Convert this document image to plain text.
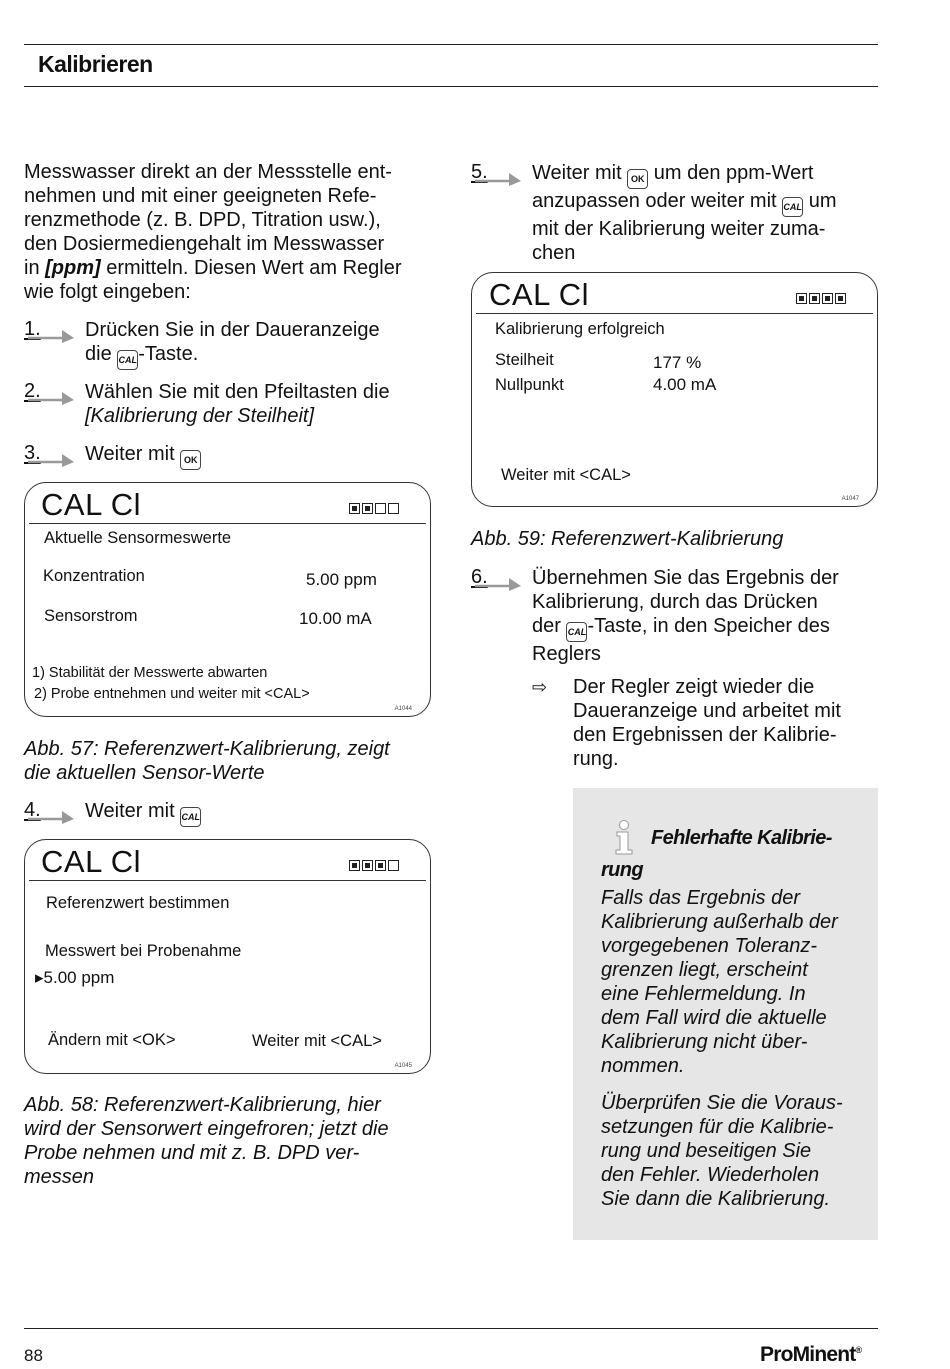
Kalibrieren
Messwasser direkt an der Messstelle ent-
nehmen und mit einer geeigneten Refe-
renzmethode (z. B. DPD, Titration usw.),
den Dosiermediengehalt im Messwasser
in [ppm] ermitteln. Diesen Wert am Regler
wie folgt eingeben:
1. Drücken Sie in der Daueranzeige
die CAL-Taste.
2. Wählen Sie mit den Pfeiltasten die
[Kalibrierung der Steilheit]
3. Weiter mit OK
CAL Cl
Aktuelle Sensormeswerte
Konzentration	5.00 ppm
Sensorstrom	10.00 mA
1) Stabilität der Messwerte abwarten
2) Probe entnehmen und weiter mit <CAL>
A1044
Abb. 57: Referenzwert-Kalibrierung, zeigt
die aktuellen Sensor-Werte
4. Weiter mit CAL
CAL Cl
Referenzwert bestimmen
Messwert bei Probenahme
▸5.00 ppm
Ändern mit <OK>	Weiter mit <CAL>
A1045
Abb. 58: Referenzwert-Kalibrierung, hier
wird der Sensorwert eingefroren; jetzt die
Probe nehmen und mit z. B. DPD ver-
messen
5. Weiter mit OK um den ppm-Wert
anzupassen oder weiter mit CAL um
mit der Kalibrierung weiter zuma-
chen
CAL Cl
Kalibrierung erfolgreich
Steilheit	177 %
Nullpunkt	4.00 mA
Weiter mit <CAL>
A1047
Abb. 59: Referenzwert-Kalibrierung
6. Übernehmen Sie das Ergebnis der
Kalibrierung, durch das Drücken
der CAL-Taste, in den Speicher des
Reglers
⇨ Der Regler zeigt wieder die
Daueranzeige und arbeitet mit
den Ergebnissen der Kalibrie-
rung.
Fehlerhafte Kalibrie-rung
Falls das Ergebnis der
Kalibrierung außerhalb der
vorgegebenen Toleranz-
grenzen liegt, erscheint
eine Fehlermeldung. In
dem Fall wird die aktuelle
Kalibrierung nicht über-
nommen.
Überprüfen Sie die Voraus-
setzungen für die Kalibrie-
rung und beseitigen Sie
den Fehler. Wiederholen
Sie dann die Kalibrierung.
88	ProMinent®
